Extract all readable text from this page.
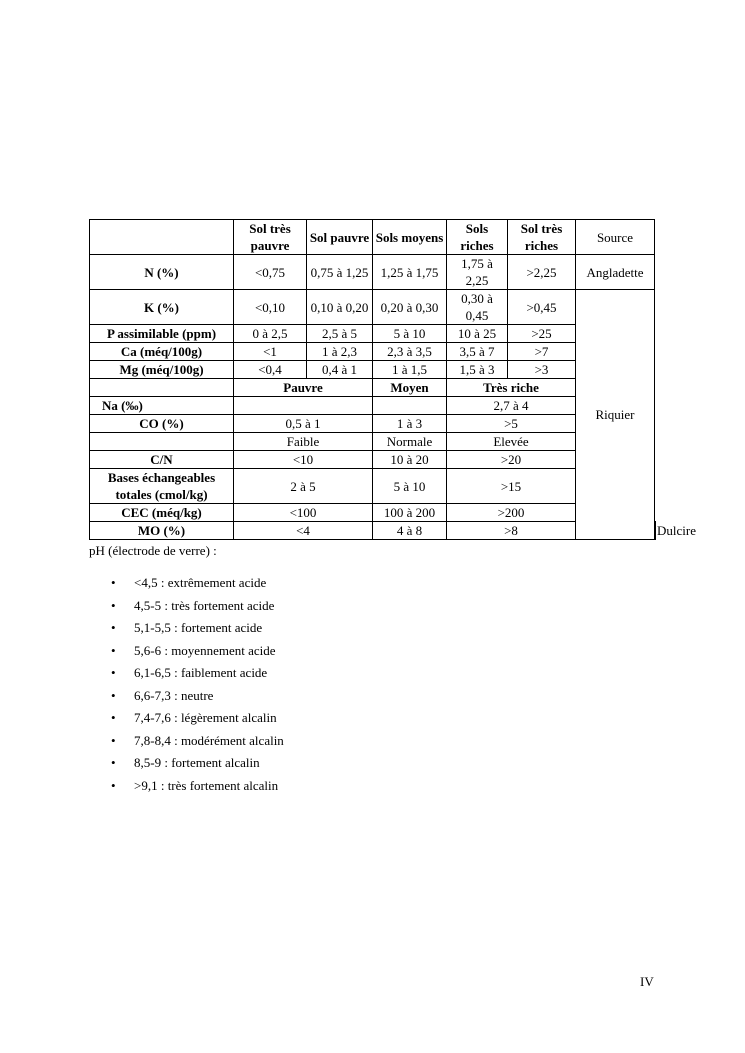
	Sol très pauvre	Sol pauvre	Sols moyens	Sols riches	Sol très riches	Source	
N (%)	<0,75	0,75 à 1,25	1,25 à 1,75	1,75 à 2,25	>2,25	Angladette	
K (%)	<0,10	0,10 à 0,20	0,20 à 0,30	0,30 à 0,45	>0,45	Riquier	
P assimilable (ppm)	0 à 2,5	2,5 à 5	5 à 10	10 à 25	>25		
Ca (méq/100g)	<1	1 à 2,3	2,3 à 3,5	3,5 à 7	>7		
Mg (méq/100g)	<0,4	0,4 à 1	1 à 1,5	1,5 à 3	>3		
	Pauvre		Moyen	Très riche			
Na (‰)				2,7 à 4			
CO (%)	0,5 à 1		1 à 3	>5			
	Faible		Normale	Elevée			
C/N	<10		10 à 20	>20			
Bases échangeables totales (cmol/kg)	2 à 5		5 à 10	>15			
CEC (méq/kg)	<100		100 à 200	>200			
MO (%)	<4		4 à 8	>8			Dulcire
pH (électrode de verre) :
• <4,5 : extrêmement acide
• 4,5-5 : très fortement acide
• 5,1-5,5 : fortement acide
• 5,6-6 : moyennement acide
• 6,1-6,5 : faiblement acide
• 6,6-7,3 : neutre
• 7,4-7,6 : légèrement alcalin
• 7,8-8,4 : modérément alcalin
• 8,5-9 : fortement alcalin
• >9,1 : très fortement alcalin
IV
